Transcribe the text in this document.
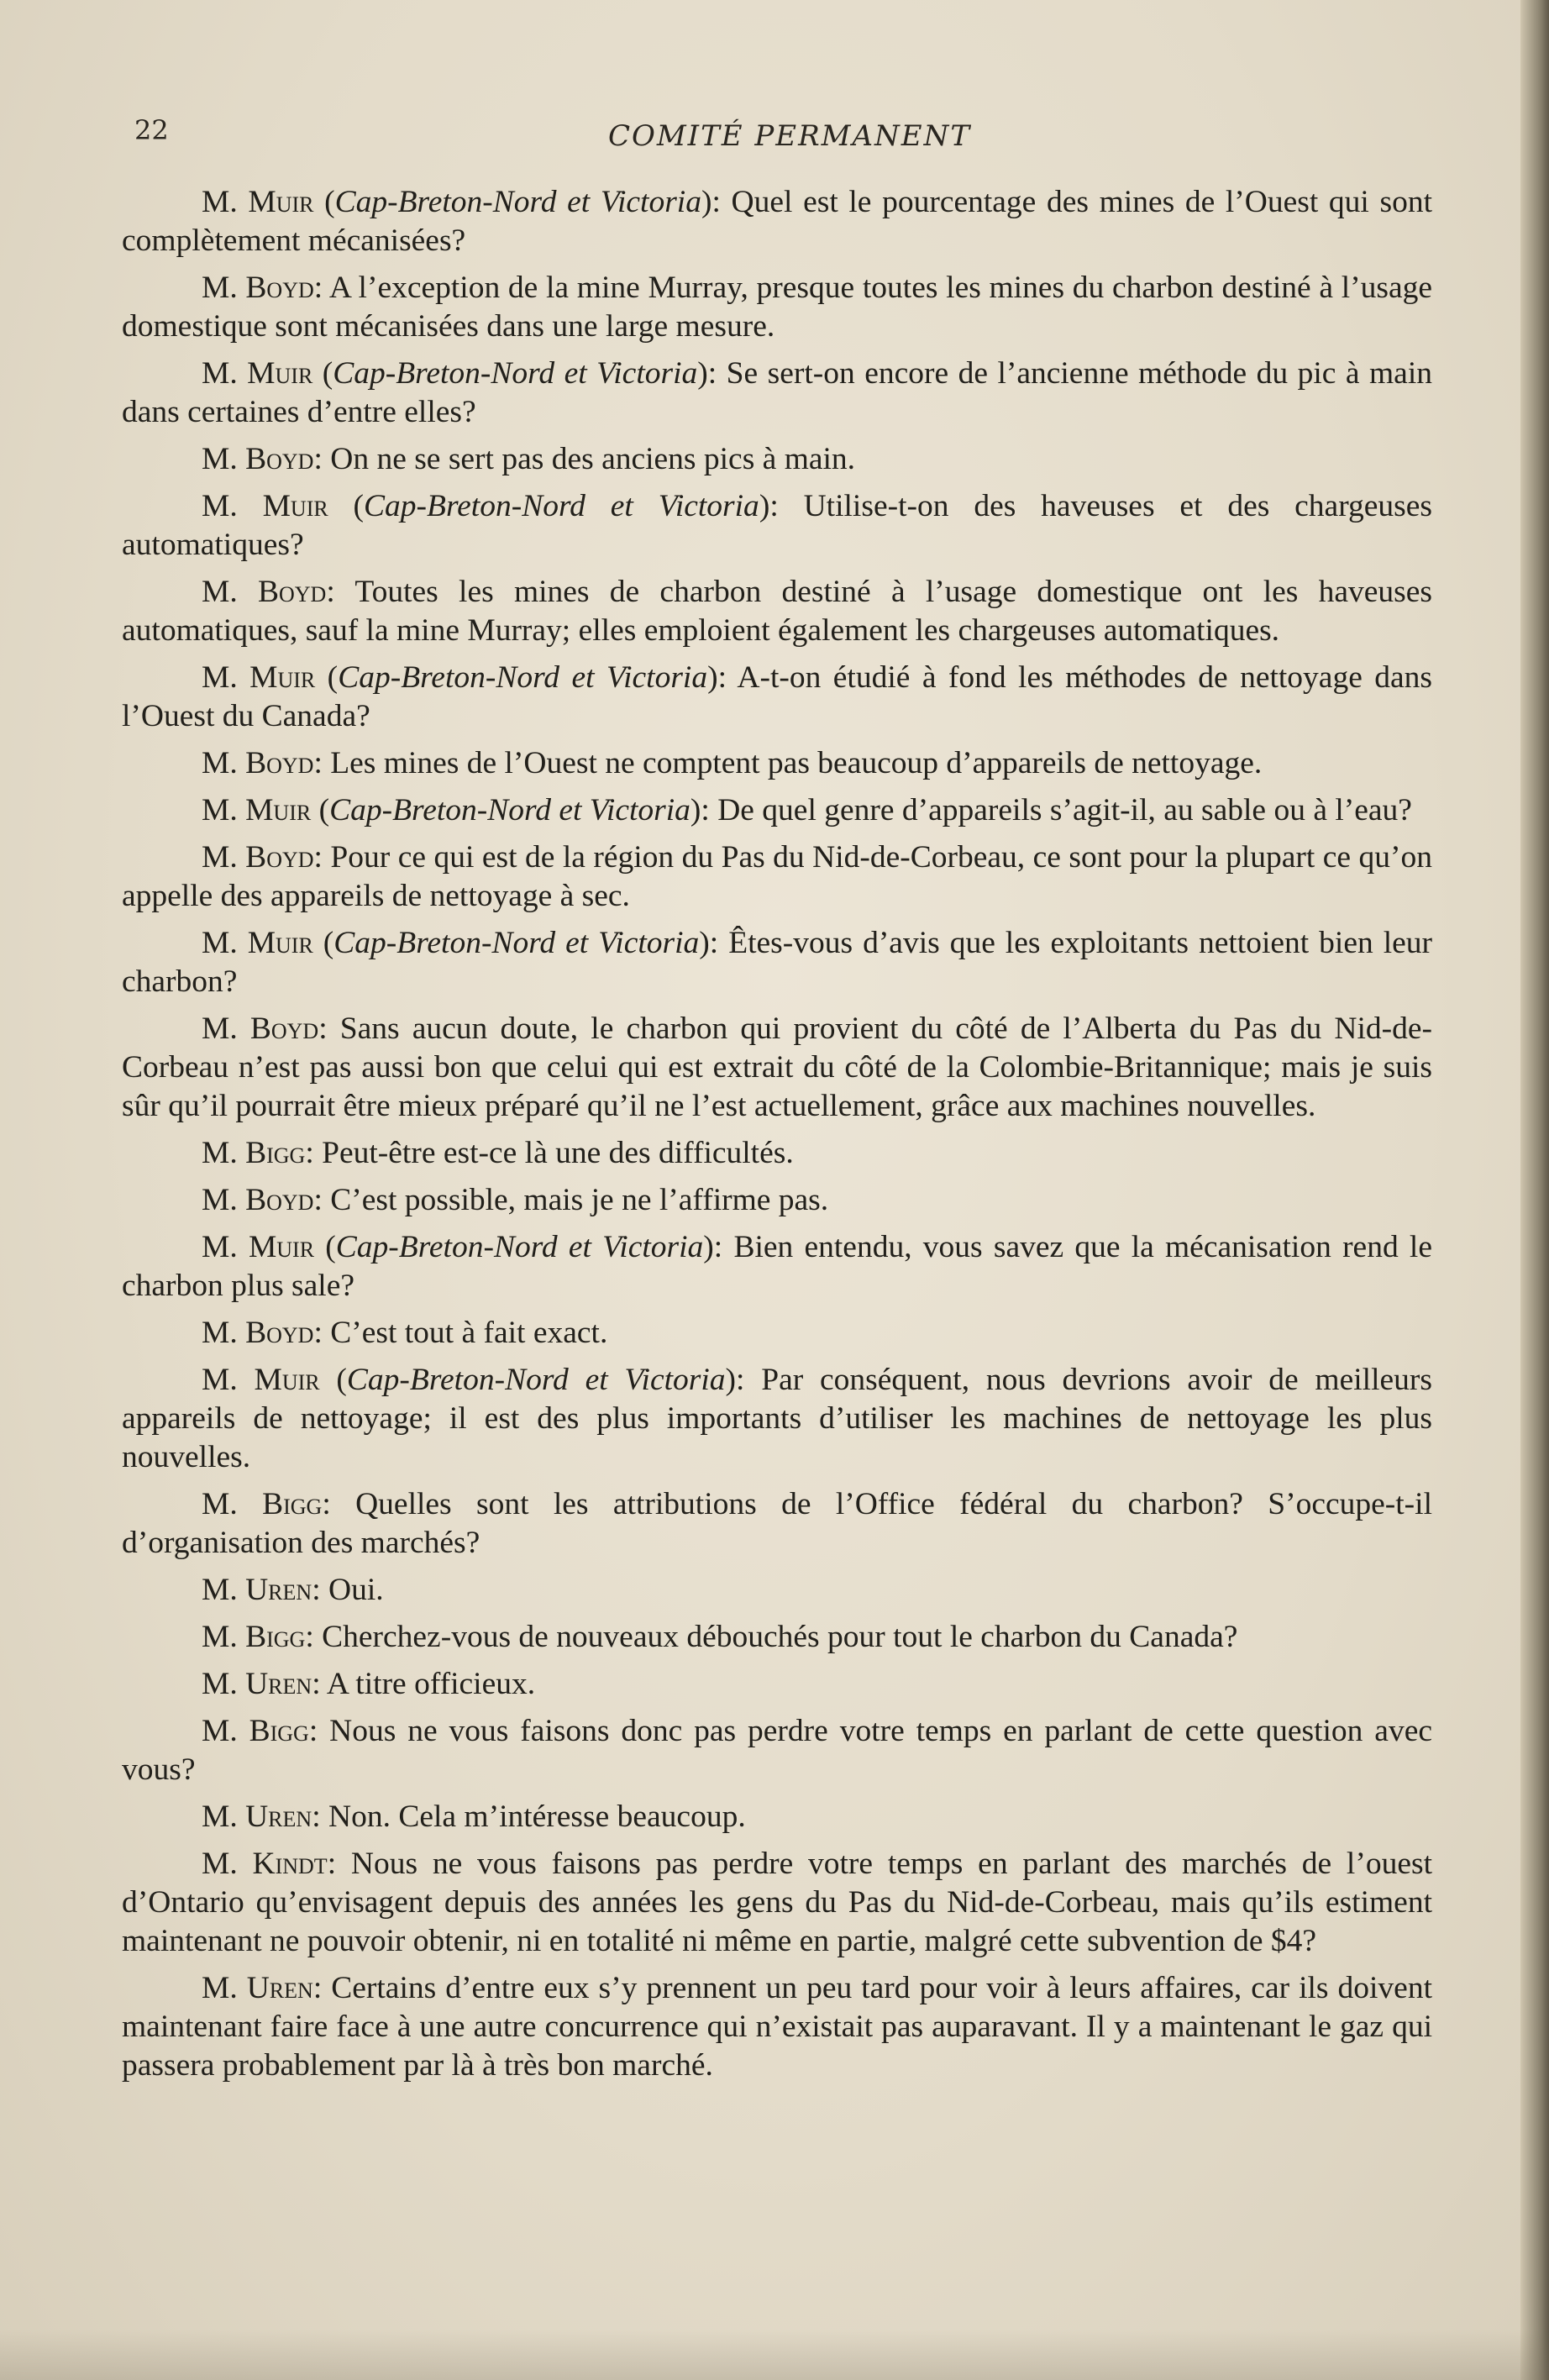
22	COMITÉ PERMANENT

M. Muir (Cap-Breton-Nord et Victoria): Quel est le pourcentage des mines de l’Ouest qui sont complètement mécanisées?

M. Boyd: A l’exception de la mine Murray, presque toutes les mines du charbon destiné à l’usage domestique sont mécanisées dans une large mesure.

M. Muir (Cap-Breton-Nord et Victoria): Se sert-on encore de l’ancienne méthode du pic à main dans certaines d’entre elles?

M. Boyd: On ne se sert pas des anciens pics à main.

M. Muir (Cap-Breton-Nord et Victoria): Utilise-t-on des haveuses et des chargeuses automatiques?

M. Boyd: Toutes les mines de charbon destiné à l’usage domestique ont les haveuses automatiques, sauf la mine Murray; elles emploient également les chargeuses automatiques.

M. Muir (Cap-Breton-Nord et Victoria): A-t-on étudié à fond les méthodes de nettoyage dans l’Ouest du Canada?

M. Boyd: Les mines de l’Ouest ne comptent pas beaucoup d’appareils de nettoyage.

M. Muir (Cap-Breton-Nord et Victoria): De quel genre d’appareils s’agit-il, au sable ou à l’eau?

M. Boyd: Pour ce qui est de la région du Pas du Nid-de-Corbeau, ce sont pour la plupart ce qu’on appelle des appareils de nettoyage à sec.

M. Muir (Cap-Breton-Nord et Victoria): Êtes-vous d’avis que les exploitants nettoient bien leur charbon?

M. Boyd: Sans aucun doute, le charbon qui provient du côté de l’Alberta du Pas du Nid-de-Corbeau n’est pas aussi bon que celui qui est extrait du côté de la Colombie-Britannique; mais je suis sûr qu’il pourrait être mieux préparé qu’il ne l’est actuellement, grâce aux machines nouvelles.

M. Bigg: Peut-être est-ce là une des difficultés.

M. Boyd: C’est possible, mais je ne l’affirme pas.

M. Muir (Cap-Breton-Nord et Victoria): Bien entendu, vous savez que la mécanisation rend le charbon plus sale?

M. Boyd: C’est tout à fait exact.

M. Muir (Cap-Breton-Nord et Victoria): Par conséquent, nous devrions avoir de meilleurs appareils de nettoyage; il est des plus importants d’utiliser les machines de nettoyage les plus nouvelles.

M. Bigg: Quelles sont les attributions de l’Office fédéral du charbon? S’occupe-t-il d’organisation des marchés?

M. Uren: Oui.

M. Bigg: Cherchez-vous de nouveaux débouchés pour tout le charbon du Canada?

M. Uren: A titre officieux.

M. Bigg: Nous ne vous faisons donc pas perdre votre temps en parlant de cette question avec vous?

M. Uren: Non. Cela m’intéresse beaucoup.

M. Kindt: Nous ne vous faisons pas perdre votre temps en parlant des marchés de l’ouest d’Ontario qu’envisagent depuis des années les gens du Pas du Nid-de-Corbeau, mais qu’ils estiment maintenant ne pouvoir obtenir, ni en totalité ni même en partie, malgré cette subvention de $4?

M. Uren: Certains d’entre eux s’y prennent un peu tard pour voir à leurs affaires, car ils doivent maintenant faire face à une autre concurrence qui n’existait pas auparavant. Il y a maintenant le gaz qui passera probablement par là à très bon marché.
